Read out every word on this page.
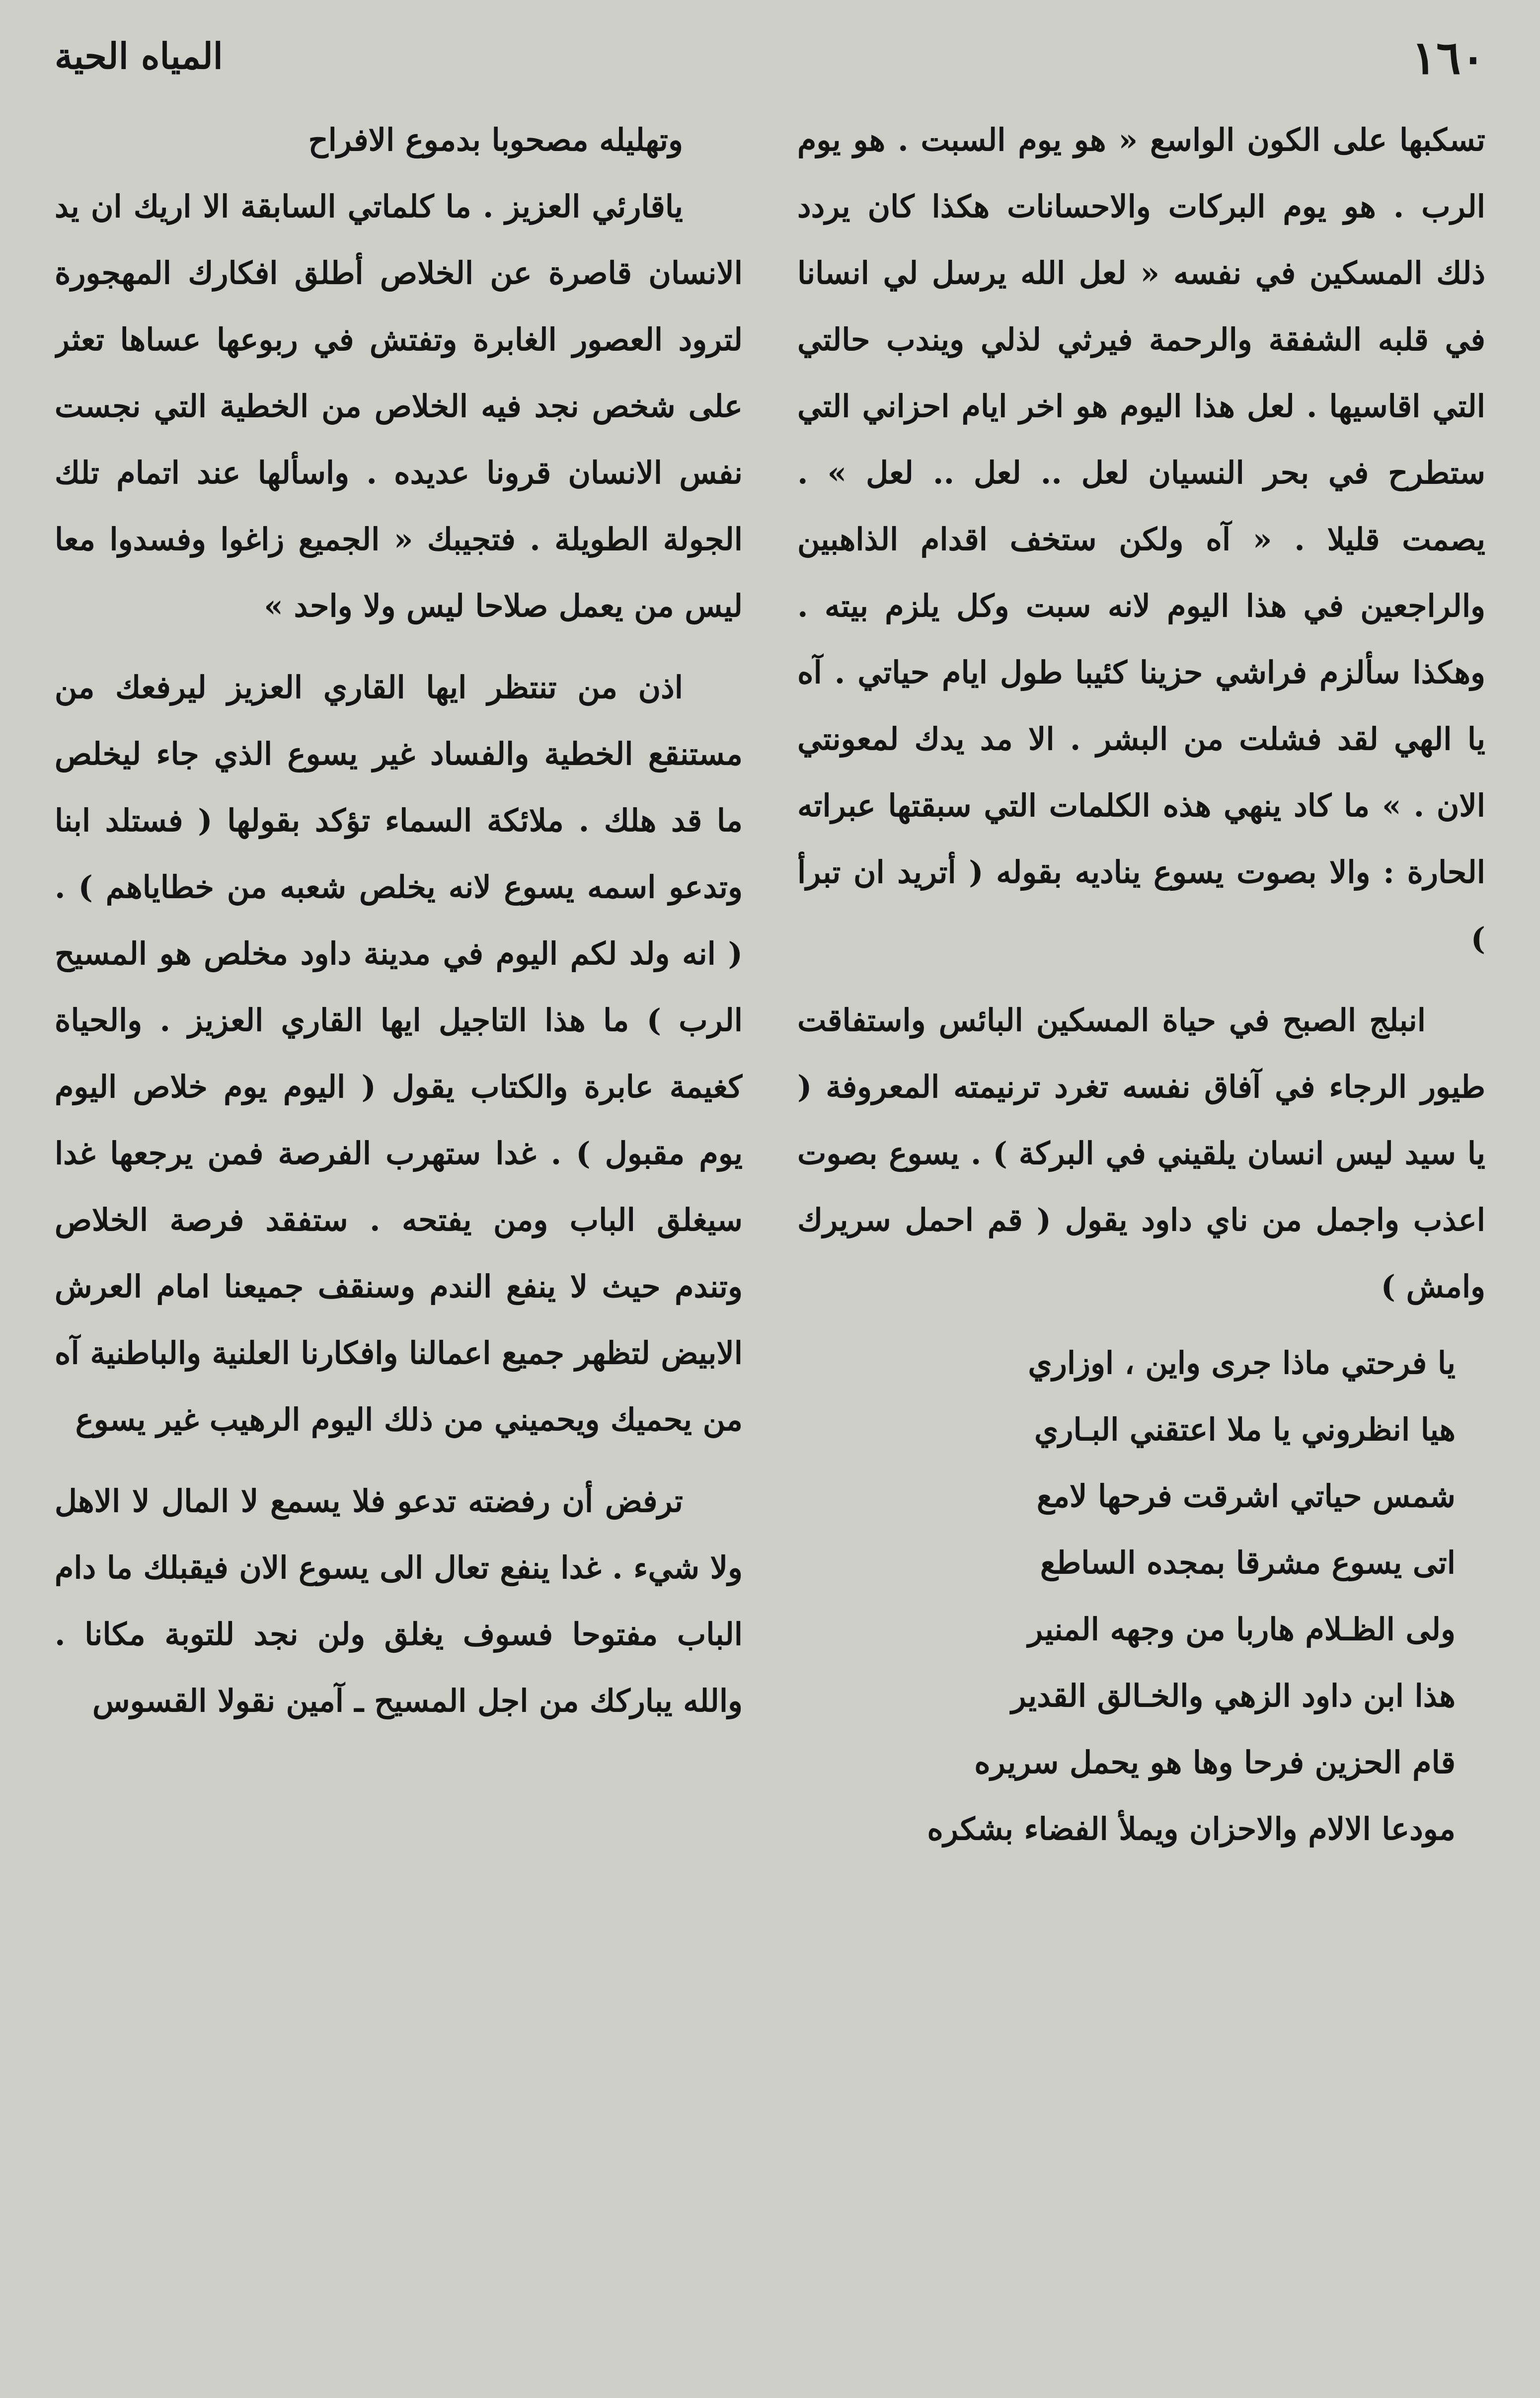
١٦٠
المياه الحية

تسكبها على الكون الواسع « هو يوم السبت . هو يوم الرب . هو يوم البركات والاحسانات هكذا كان يردد ذلك المسكين في نفسه « لعل الله يرسل لي انسانا في قلبه الشفقة والرحمة فيرثي لذلي ويندب حالتي التي اقاسيها . لعل هذا اليوم هو اخر ايام احزاني التي ستطرح في بحر النسيان لعل .. لعل .. لعل » . يصمت قليلا . « آه ولكن ستخف اقدام الذاهبين والراجعين في هذا اليوم لانه سبت وكل يلزم بيته . وهكذا سألزم فراشي حزينا كئيبا طول ايام حياتي . آه يا الهي لقد فشلت من البشر . الا مد يدك لمعونتي الان . » ما كاد ينهي هذه الكلمات التي سبقتها عبراته الحارة : والا بصوت يسوع يناديه بقوله ( أتريد ان تبرأ )

انبلج الصبح في حياة المسكين البائس واستفاقت طيور الرجاء في آفاق نفسه تغرد ترنيمته المعروفة ( يا سيد ليس انسان يلقيني في البركة ) . يسوع بصوت اعذب واجمل من ناي داود يقول ( قم احمل سريرك وامش )

يا فرحتي ماذا جرى واين ، اوزاري
هيا انظروني يا ملا اعتقني البـاري
شمس حياتي اشرقت فرحها لامع
اتى يسوع مشرقا بمجده الساطع
ولى الظـلام هاربا من وجهه المنير
هذا ابن داود الزهي والخـالق القدير
قام الحزين فرحا وها هو يحمل سريره
مودعا الالام والاحزان ويملأ الفضاء بشكره

وتهليله مصحوبا بدموع الافراح

ياقارئي العزيز . ما كلماتي السابقة الا اريك ان يد الانسان قاصرة عن الخلاص أطلق افكارك المهجورة لترود العصور الغابرة وتفتش في ربوعها عساها تعثر على شخص نجد فيه الخلاص من الخطية التي نجست نفس الانسان قرونا عديده . واسألها عند اتمام تلك الجولة الطويلة . فتجيبك « الجميع زاغوا وفسدوا معا ليس من يعمل صلاحا ليس ولا واحد »

اذن من تنتظر ايها القاري العزيز ليرفعك من مستنقع الخطية والفساد غير يسوع الذي جاء ليخلص ما قد هلك . ملائكة السماء تؤكد بقولها ( فستلد ابنا وتدعو اسمه يسوع لانه يخلص شعبه من خطاياهم ) . ( انه ولد لكم اليوم في مدينة داود مخلص هو المسيح الرب ) ما هذا التاجيل ايها القاري العزيز . والحياة كغيمة عابرة والكتاب يقول ( اليوم يوم خلاص اليوم يوم مقبول ) . غدا ستهرب الفرصة فمن يرجعها غدا سيغلق الباب ومن يفتحه . ستفقد فرصة الخلاص وتندم حيث لا ينفع الندم وسنقف جميعنا امام العرش الابيض لتظهر جميع اعمالنا وافكارنا العلنية والباطنية آه من يحميك ويحميني من ذلك اليوم الرهيب غير يسوع

ترفض أن رفضته تدعو فلا يسمع لا المال لا الاهل ولا شيء . غدا ينفع تعال الى يسوع الان فيقبلك ما دام الباب مفتوحا فسوف يغلق ولن نجد للتوبة مكانا . والله يباركك من اجل المسيح ـ آمين نقولا القسوس
